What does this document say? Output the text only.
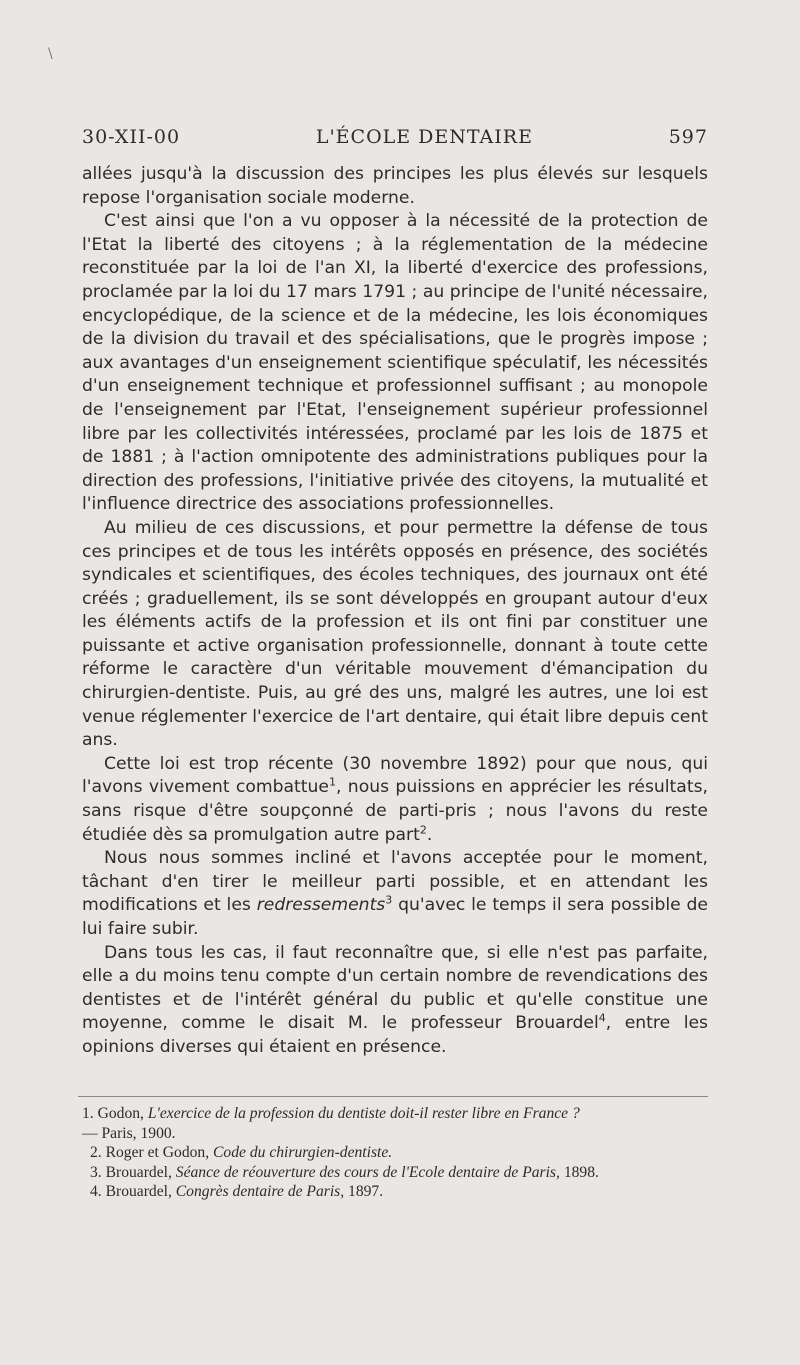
\
30-XII-00	L'ÉCOLE DENTAIRE	597

allées jusqu'à la discussion des principes les plus élevés sur lesquels repose l'organisation sociale moderne.

C'est ainsi que l'on a vu opposer à la nécessité de la protection de l'Etat la liberté des citoyens ; à la réglementation de la médecine reconstituée par la loi de l'an XI, la liberté d'exercice des professions, proclamée par la loi du 17 mars 1791 ; au principe de l'unité nécessaire, encyclopédique, de la science et de la médecine, les lois économiques de la division du travail et des spécialisations, que le progrès impose ; aux avantages d'un enseignement scientifique spéculatif, les nécessités d'un enseignement technique et professionnel suffisant ; au monopole de l'enseignement par l'Etat, l'enseignement supérieur professionnel libre par les collectivités intéressées, proclamé par les lois de 1875 et de 1881 ; à l'action omnipotente des administrations publiques pour la direction des professions, l'initiative privée des citoyens, la mutualité et l'influence directrice des associations professionnelles.

Au milieu de ces discussions, et pour permettre la défense de tous ces principes et de tous les intérêts opposés en présence, des sociétés syndicales et scientifiques, des écoles techniques, des journaux ont été créés ; graduellement, ils se sont développés en groupant autour d'eux les éléments actifs de la profession et ils ont fini par constituer une puissante et active organisation professionnelle, donnant à toute cette réforme le caractère d'un véritable mouvement d'émancipation du chirurgien-dentiste. Puis, au gré des uns, malgré les autres, une loi est venue réglementer l'exercice de l'art dentaire, qui était libre depuis cent ans.

Cette loi est trop récente (30 novembre 1892) pour que nous, qui l'avons vivement combattue$^1$, nous puissions en apprécier les résultats, sans risque d'être soupçonné de parti-pris ; nous l'avons du reste étudiée dès sa promulgation autre part$^2$.

Nous nous sommes incliné et l'avons acceptée pour le moment, tâchant d'en tirer le meilleur parti possible, et en attendant les modifications et les redressements$^3$ qu'avec le temps il sera possible de lui faire subir.

Dans tous les cas, il faut reconnaître que, si elle n'est pas parfaite, elle a du moins tenu compte d'un certain nombre de revendications des dentistes et de l'intérêt général du public et qu'elle constitue une moyenne, comme le disait M. le professeur Brouardel$^4$, entre les opinions diverses qui étaient en présence.

1. Godon, L'exercice de la profession du dentiste doit-il rester libre en France ?
— Paris, 1900.

2. Roger et Godon, Code du chirurgien-dentiste.

3. Brouardel, Séance de réouverture des cours de l'Ecole dentaire de Paris, 1898.

4. Brouardel, Congrès dentaire de Paris, 1897.
